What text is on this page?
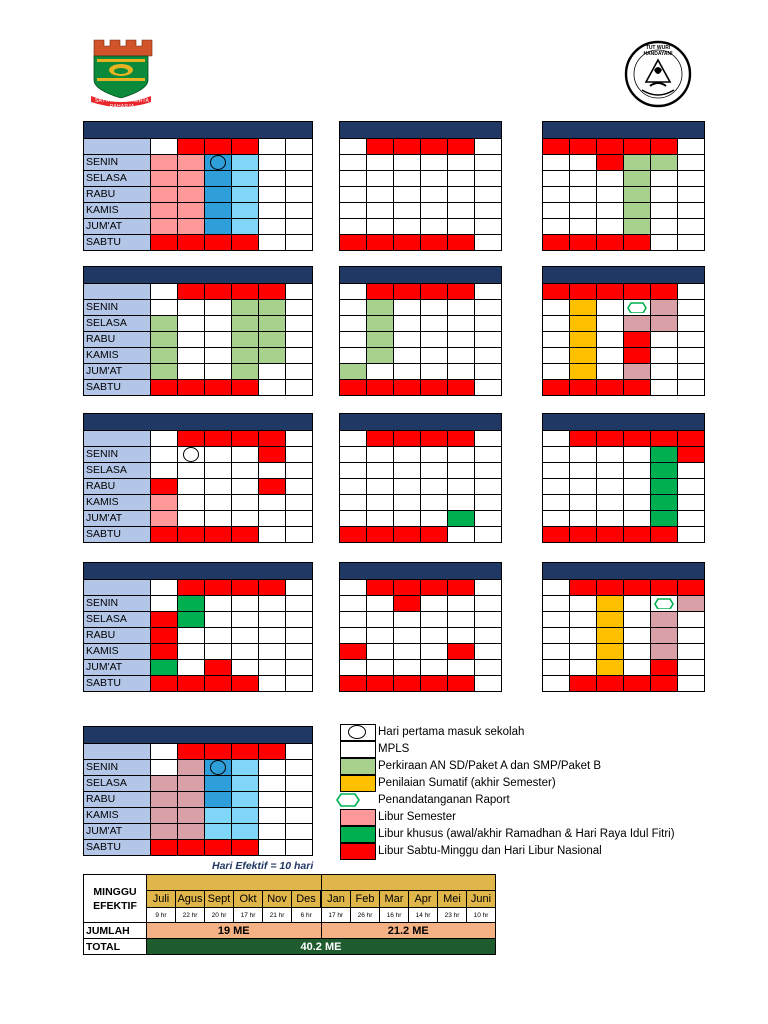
SATYA KARYA KERTA RAHARJA
TUT WURI HANDAYANI

SENIN			

SELASA						
RABU						
KAMIS						
JUM'AT						
SABTU						

SENIN						
SELASA						
RABU						
KAMIS						
JUM'AT						
SABTU						

SENIN		

SELASA						
RABU						
KAMIS						
JUM'AT						
SABTU						

SENIN						
SELASA						
RABU						
KAMIS						
JUM'AT						
SABTU						

SENIN			

SELASA						
RABU						
KAMIS						
JUM'AT						
SABTU						
Hari Efektif = 10 hari
Hari pertama masuk sekolah
MPLS
Perkiraan AN SD/Paket A dan SMP/Paket B
Penilaian Sumatif (akhir Semester)
Penandatanganan Raport
Libur Semester
Libur khusus (awal/akhir Ramadhan & Hari Raya Idul Fitri)
Libur Sabtu-Minggu dan Hari Libur Nasional
MINGGU EFEKTIF												
	Juli	Agus	Sept	Okt	Nov	Des	Jan	Feb	Mar	Apr	Mei	Juni
	9 hr	22 hr	20 hr	17 hr	21 hr	6 hr	17 hr	26 hr	16 hr	14 hr	23 hr	10 hr
JUMLAH	19 ME						21.2 ME					
TOTAL	40.2 ME											
